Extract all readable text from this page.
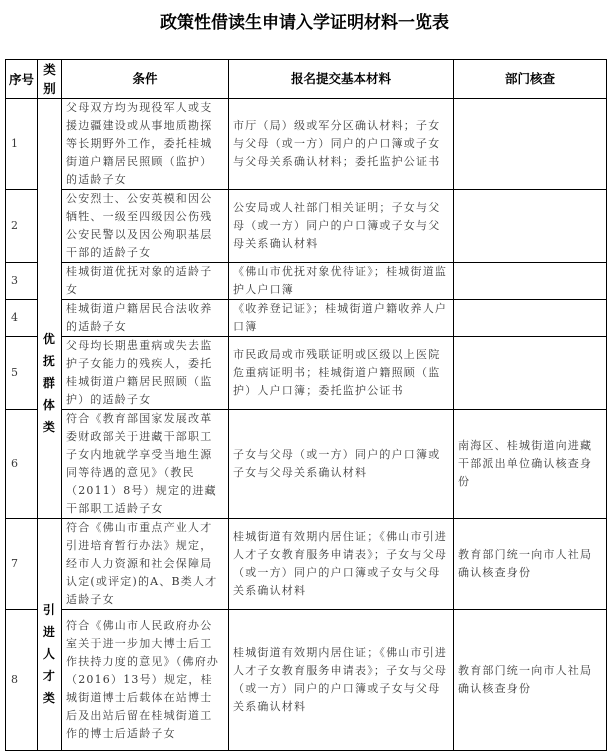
政策性借读生申请入学证明材料一览表
序号	类别	条件	报名提交基本材料	部门核查
1	优抚群体类	父母双方均为现役军人或支援边疆建设或从事地质勘探等长期野外工作，委托桂城街道户籍居民照顾（监护）的适龄子女	市厅（局）级或军分区确认材料；子女与父母（或一方）同户的户口簿或子女与父母关系确认材料；委托监护公证书	
2		公安烈士、公安英模和因公牺牲、一级至四级因公伤残公安民警以及因公殉职基层干部的适龄子女	公安局或人社部门相关证明；子女与父母（或一方）同户的户口簿或子女与父母关系确认材料	
3		桂城街道优抚对象的适龄子女	《佛山市优抚对象优待证》；桂城街道监护人户口簿	
4		桂城街道户籍居民合法收养的适龄子女	《收养登记证》；桂城街道户籍收养人户口簿	
5		父母均长期患重病或失去监护子女能力的残疾人，委托桂城街道户籍居民照顾（监护）的适龄子女	市民政局或市残联证明或区级以上医院危重病证明书；桂城街道户籍照顾（监护）人户口簿；委托监护公证书	
6		符合《教育部国家发展改革委财政部关于进藏干部职工子女内地就学享受当地生源同等待遇的意见》（教民（2011）8号）规定的进藏干部职工适龄子女	子女与父母（或一方）同户的户口簿或子女与父母关系确认材料	南海区、桂城街道向进藏干部派出单位确认核查身份
7	引进人才类	符合《佛山市重点产业人才引进培育暂行办法》规定，经市人力资源和社会保障局认定(或评定)的A、B类人才适龄子女	桂城街道有效期内居住证；《佛山市引进人才子女教育服务申请表》；子女与父母（或一方）同户的户口簿或子女与父母关系确认材料	教育部门统一向市人社局确认核查身份
8		符合《佛山市人民政府办公室关于进一步加大博士后工作扶持力度的意见》（佛府办（2016）13号）规定，桂城街道博士后载体在站博士后及出站后留在桂城街道工作的博士后适龄子女	桂城街道有效期内居住证；《佛山市引进人才子女教育服务申请表》；子女与父母（或一方）同户的户口簿或子女与父母关系确认材料	教育部门统一向市人社局确认核查身份
